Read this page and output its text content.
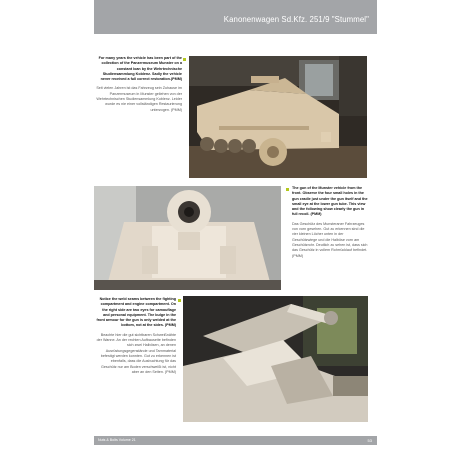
Kanonenwagen Sd.Kfz. 251/9 "Stummel"

For many years the vehicle has been part of the collection of the Panzermuseum Munster on a constant loan by the Wehrtechnische Studiensammlung Koblenz. Sadly the vehicle never received a full correct restoration.(PMM)

Seit vielen Jahren ist das Fahrzeug sein Zuhause im Panzermuseum in Munster geliehen von der Wehrtechnischen Studiensammlung Koblenz. Leider wurde es nie einer vollständigen Restaurierung unterzogen. (PMM)

The gun of the Munster vehicle from the front. Observe the four small holes in the gun cradle just under the gun itself and the small eye at the lower gun tube. This view and the following show clearly the gun in full recoil. (PMM)

Das Geschütz des Munsteraner Fahrzeuges von vorn gesehen. Gut zu erkennen sind die vier kleinen Löcher unten in der Geschützwiege und die Halböse vorn am Geschützrohr. Deutlich zu sehen ist, dass sich das Geschütz in vollem Rohrrücklauf befindet. (PMM)

Notice the weld seams between the fighting compartment and engine compartment. On the right side are two eyes for camouflage and personal equipment. The bulge in the front armour for the gun is only welded at the bottom, not at the sides. (PMM)

Beachte hier die gut sichtbaren Schweißnähte der Wanne. An der rechten Aufbauseite befinden sich zwei Halbösen, an denen Ausrüstungsgegenstände und Tarnmaterial befestigt werden konnten. Gut zu erkennen ist ebenfalls, dass die Ausbuchtung für das Geschütz nur am Boden verschweißt ist, nicht aber an den Seiten. (PMM)

Nuts & Bolts Volume 21	53
